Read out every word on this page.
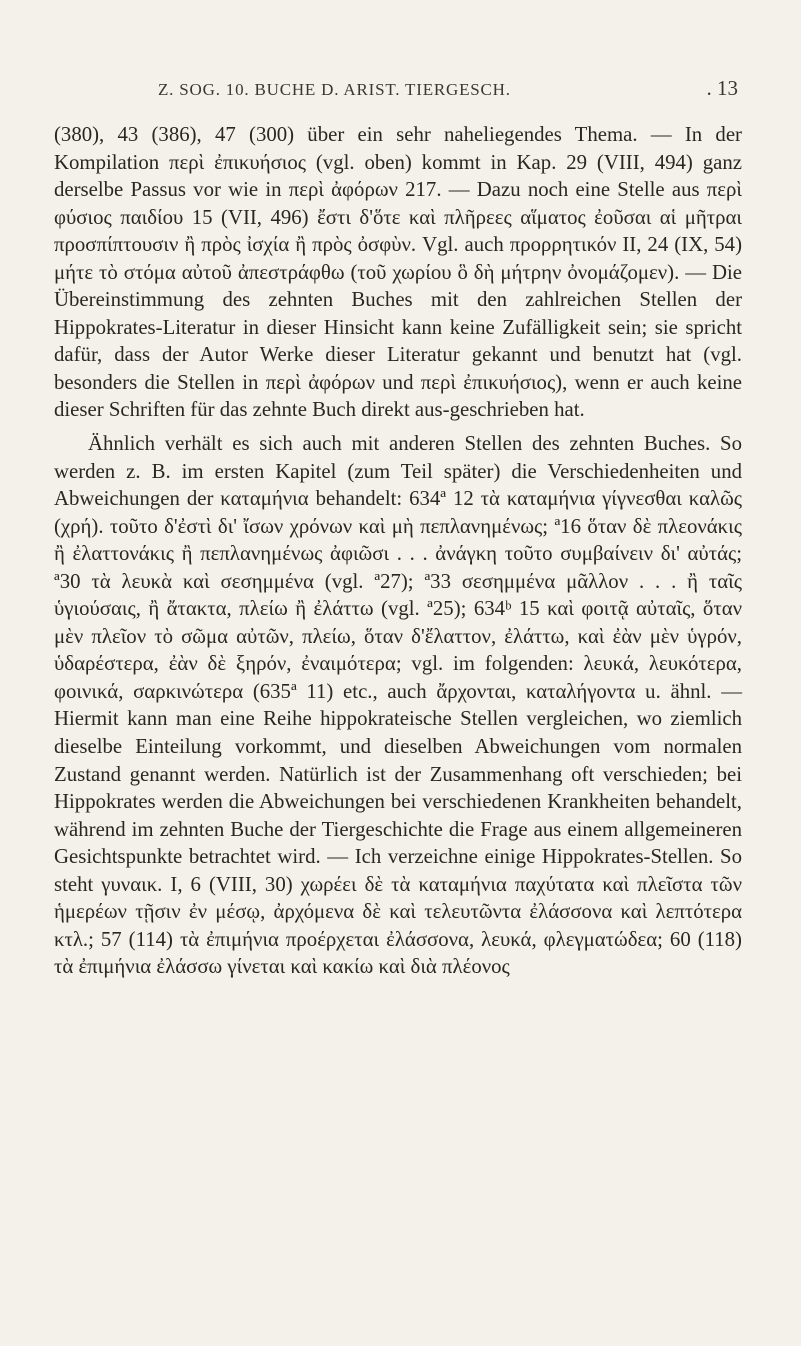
Z. SOG. 10. BUCHE D. ARIST. TIERGESCH.	. 13

(380), 43 (386), 47 (300) über ein sehr naheliegendes Thema. — In der Kompilation περὶ ἐπικυήσιος (vgl. oben) kommt in Kap. 29 (VIII, 494) ganz derselbe Passus vor wie in περὶ ἀφόρων 217. — Dazu noch eine Stelle aus περὶ φύσιος παιδίου 15 (VII, 496) ἔστι δ'ὅτε καὶ πλῆρεες αἵματος ἐοῦσαι αἱ μῆτραι προσπίπτουσιν ἢ πρὸς ἰσχία ἢ πρὸς ὀσφὺν. Vgl. auch προρρητικόν II, 24 (IX, 54) μήτε τὸ στόμα αὐτοῦ ἀπεστράφθω (τοῦ χωρίου ὃ δὴ μήτρην ὀνομάζομεν). — Die Übereinstimmung des zehnten Buches mit den zahlreichen Stellen der Hippokrates-Literatur in dieser Hinsicht kann keine Zufälligkeit sein; sie spricht dafür, dass der Autor Werke dieser Literatur gekannt und benutzt hat (vgl. besonders die Stellen in περὶ ἀφόρων und περὶ ἐπικυήσιος), wenn er auch keine dieser Schriften für das zehnte Buch direkt aus-geschrieben hat.

Ähnlich verhält es sich auch mit anderen Stellen des zehnten Buches. So werden z. B. im ersten Kapitel (zum Teil später) die Verschiedenheiten und Abweichungen der καταμήνια behandelt: 634ª 12 τὰ καταμήνια γίγνεσθαι καλῶς (χρή). τοῦτο δ'ἐστὶ δι' ἴσων χρόνων καὶ μὴ πεπλανημένως; ª16 ὅταν δὲ πλεονάκις ἢ ἐλαττονάκις ἢ πεπλανημένως ἀφιῶσι . . . ἀνάγκη τοῦτο συμβαίνειν δι' αὐτάς; ª30 τὰ λευκὰ καὶ σεσημμένα (vgl. ª27); ª33 σεσημμένα μᾶλλον . . . ἢ ταῖς ὑγιούσαις, ἢ ἄτακτα, πλείω ἢ ἐλάττω (vgl. ª25); 634ᵇ 15 καὶ φοιτᾷ αὐταῖς, ὅταν μὲν πλεῖον τὸ σῶμα αὐτῶν, πλείω, ὅταν δ'ἔλαττον, ἐλάττω, καὶ ἐὰν μὲν ὑγρόν, ὑδαρέστερα, ἐὰν δὲ ξηρόν, ἐναιμότερα; vgl. im folgenden: λευκά, λευκότερα, φοινικά, σαρκινώτερα (635ª 11) etc., auch ἄρχονται, καταλήγοντα u. ähnl. — Hiermit kann man eine Reihe hippokrateische Stellen vergleichen, wo ziemlich dieselbe Einteilung vorkommt, und dieselben Abweichungen vom normalen Zustand genannt werden. Natürlich ist der Zusammenhang oft verschieden; bei Hippokrates werden die Abweichungen bei verschiedenen Krankheiten behandelt, während im zehnten Buche der Tiergeschichte die Frage aus einem allgemeineren Gesichtspunkte betrachtet wird. — Ich verzeichne einige Hippokrates-Stellen. So steht γυναικ. I, 6 (VIII, 30) χωρέει δὲ τὰ καταμήνια παχύτατα καὶ πλεῖστα τῶν ἡμερέων τῇσιν ἐν μέσῳ, ἀρχόμενα δὲ καὶ τελευτῶντα ἐλάσσονα καὶ λεπτότερα κτλ.; 57 (114) τὰ ἐπιμήνια προέρχεται ἐλάσσονα, λευκά, φλεγματώδεα; 60 (118) τὰ ἐπιμήνια ἐλάσσω γίνεται καὶ κακίω καὶ διὰ πλέονος
